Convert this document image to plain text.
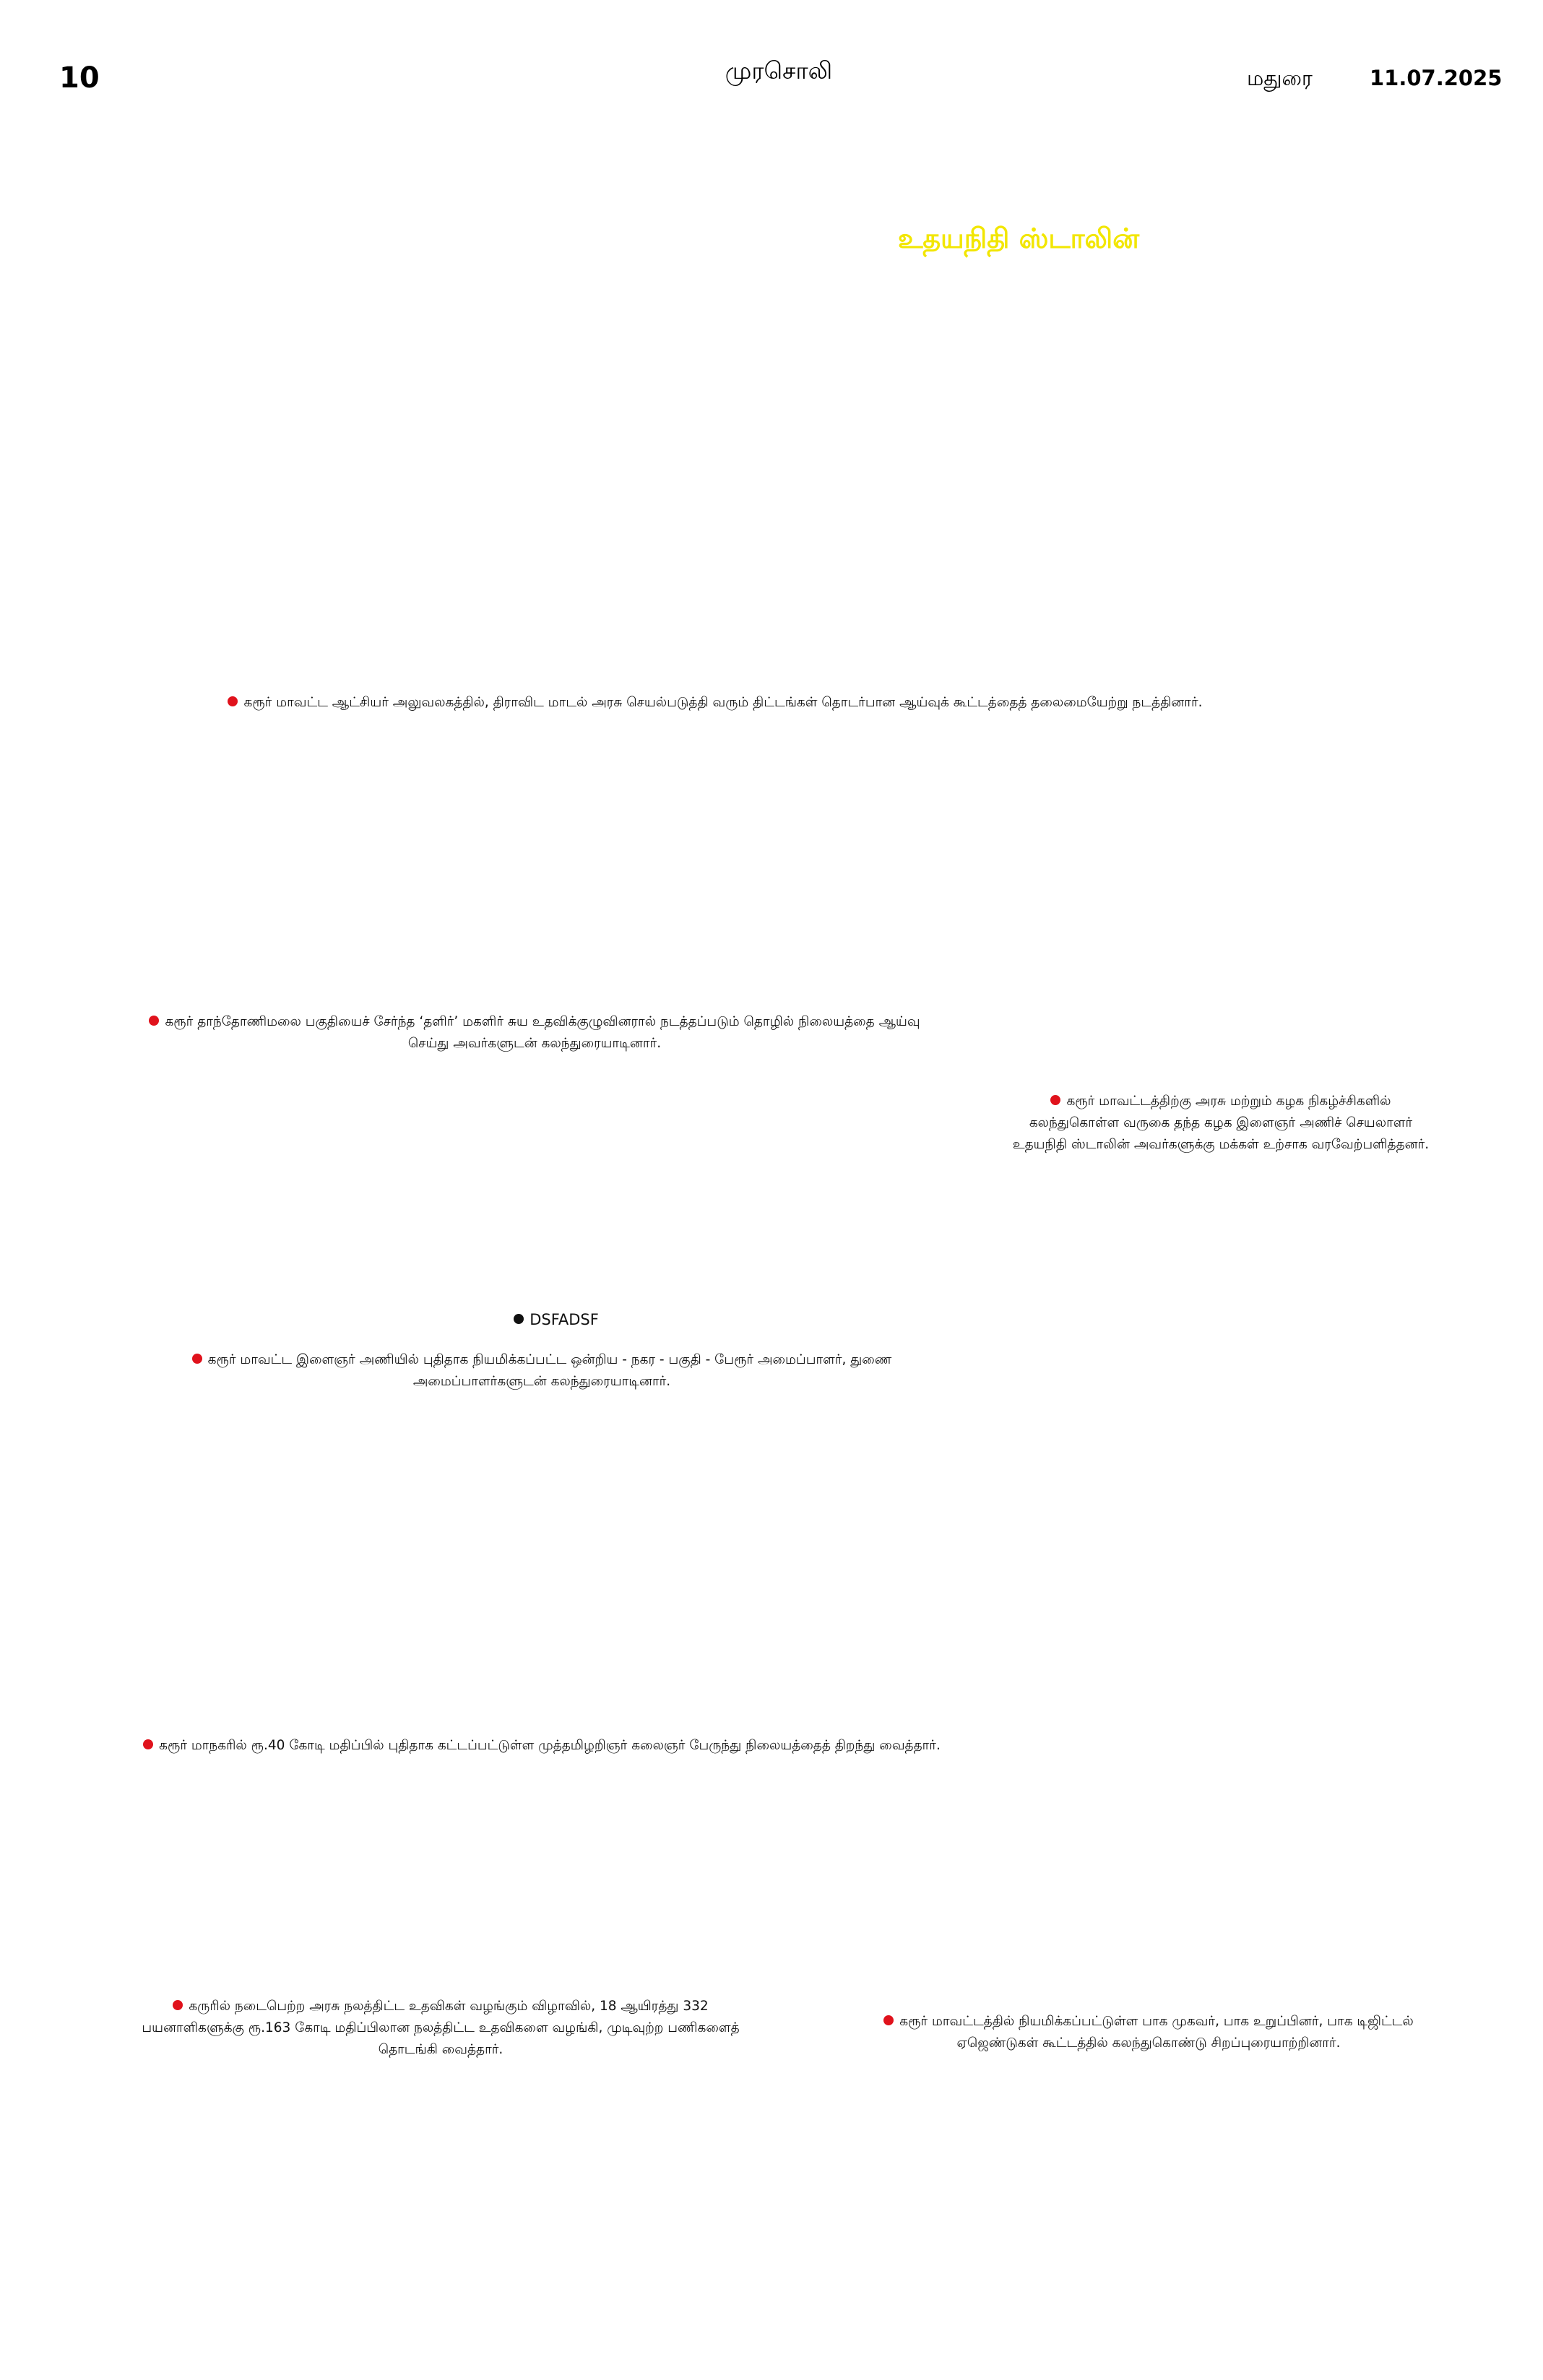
10	முரசொலி	மதுரை	11.07.2025
உதயநிதி ஸ்டாலின்
கரூர் மாவட்ட ஆட்சியர் அலுவலகத்தில், திராவிட மாடல் அரசு செயல்படுத்தி வரும் திட்டங்கள் தொடர்பான ஆய்வுக் கூட்டத்தைத் தலைமையேற்று நடத்தினார்.
கரூர் தாந்தோணிமலை பகுதியைச் சேர்ந்த ‘தளிர்’ மகளிர் சுய உதவிக்குழுவினரால் நடத்தப்படும் தொழில் நிலையத்தை ஆய்வு செய்து அவர்களுடன் கலந்துரையாடினார்.
கரூர் மாவட்டத்திற்கு அரசு மற்றும் கழக நிகழ்ச்சிகளில் கலந்துகொள்ள வருகை தந்த கழக இளைஞர் அணிச் செயலாளர் உதயநிதி ஸ்டாலின் அவர்களுக்கு மக்கள் உற்சாக வரவேற்பளித்தனர்.
DSFADSF
கரூர் மாவட்ட இளைஞர் அணியில் புதிதாக நியமிக்கப்பட்ட ஒன்றிய - நகர - பகுதி - பேரூர் அமைப்பாளர், துணை அமைப்பாளர்களுடன் கலந்துரையாடினார்.
கரூர் மாநகரில் ரூ.40 கோடி மதிப்பில் புதிதாக கட்டப்பட்டுள்ள முத்தமிழறிஞர் கலைஞர் பேருந்து நிலையத்தைத் திறந்து வைத்தார்.
கருரில் நடைபெற்ற அரசு நலத்திட்ட உதவிகள் வழங்கும் விழாவில், 18 ஆயிரத்து 332 பயனாளிகளுக்கு ரூ.163 கோடி மதிப்பிலான நலத்திட்ட உதவிகளை வழங்கி, முடிவுற்ற பணிகளைத் தொடங்கி வைத்தார்.
கரூர் மாவட்டத்தில் நியமிக்கப்பட்டுள்ள பாக முகவர், பாக உறுப்பினர், பாக டிஜிட்டல் ஏஜெண்டுகள் கூட்டத்தில் கலந்துகொண்டு சிறப்புரையாற்றினார்.
